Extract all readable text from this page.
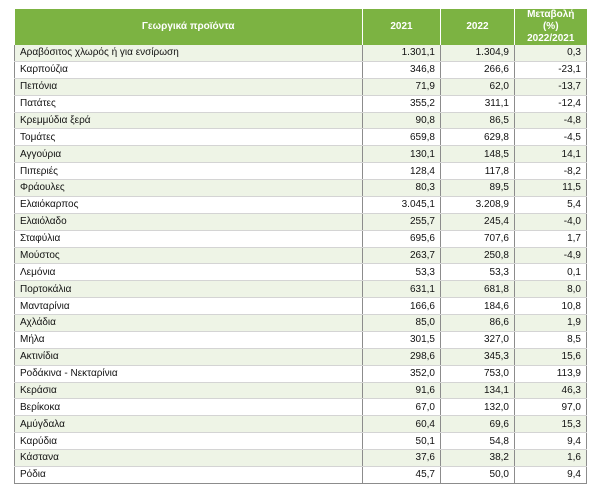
Γεωργικά προϊόντα	2021	2022	Μεταβολή (%)
2022/2021

Αραβόσιτος χλωρός ή για ενσίρωση	1.301,1	1.304,9	0,3
Καρπούζια	346,8	266,6	-23,1
Πεπόνια	71,9	62,0	-13,7
Πατάτες	355,2	311,1	-12,4
Κρεμμύδια ξερά	90,8	86,5	-4,8
Τομάτες	659,8	629,8	-4,5
Αγγούρια	130,1	148,5	14,1
Πιπεριές	128,4	117,8	-8,2
Φράουλες	80,3	89,5	11,5
Ελαιόκαρπος	3.045,1	3.208,9	5,4
Ελαιόλαδο	255,7	245,4	-4,0
Σταφύλια	695,6	707,6	1,7
Μούστος	263,7	250,8	-4,9
Λεμόνια	53,3	53,3	0,1
Πορτοκάλια	631,1	681,8	8,0
Μανταρίνια	166,6	184,6	10,8
Αχλάδια	85,0	86,6	1,9
Μήλα	301,5	327,0	8,5
Ακτινίδια	298,6	345,3	15,6
Ροδάκινα - Νεκταρίνια	352,0	753,0	113,9
Κεράσια	91,6	134,1	46,3
Βερίκοκα	67,0	132,0	97,0
Αμύγδαλα	60,4	69,6	15,3
Καρύδια	50,1	54,8	9,4
Κάστανα	37,6	38,2	1,6
Ρόδια	45,7	50,0	9,4
